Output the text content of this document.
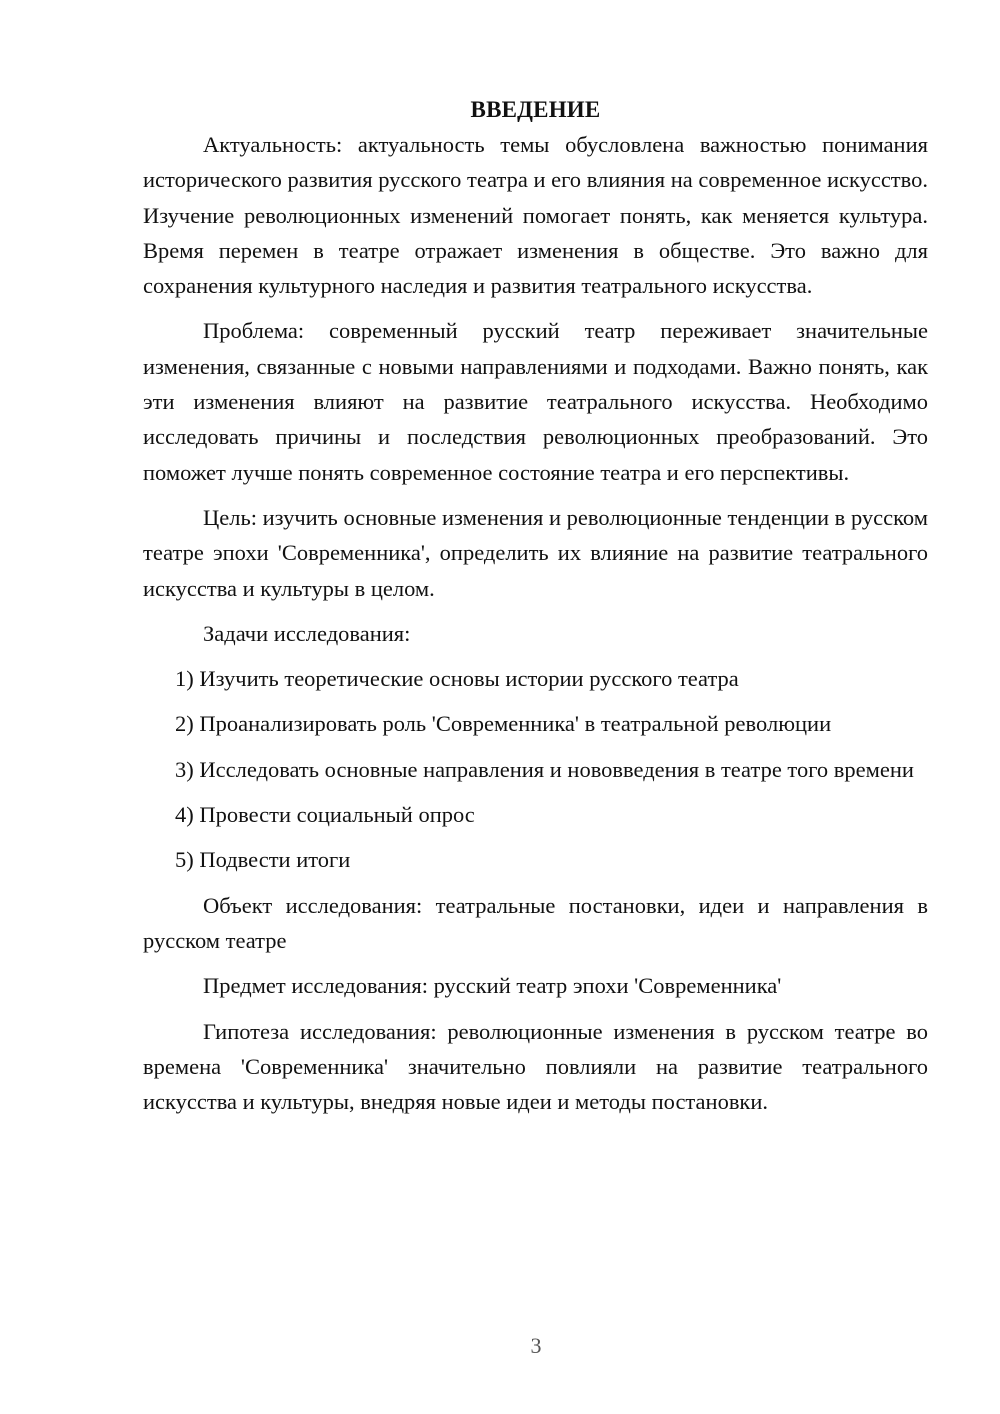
ВВЕДЕНИЕ

Актуальность: актуальность темы обусловлена важностью понимания исторического развития русского театра и его влияния на современное искусство. Изучение революционных изменений помогает понять, как меняется культура. Время перемен в театре отражает изменения в обществе. Это важно для сохранения культурного наследия и развития театрального искусства.

Проблема: современный русский театр переживает значительные изменения, связанные с новыми направлениями и подходами. Важно понять, как эти изменения влияют на развитие театрального искусства. Необходимо исследовать причины и последствия революционных преобразований. Это поможет лучше понять современное состояние театра и его перспективы.

Цель: изучить основные изменения и революционные тенденции в русском театре эпохи 'Современника', определить их влияние на развитие театрального искусства и культуры в целом.

Задачи исследования:

1) Изучить теоретические основы истории русского театра

2) Проанализировать роль 'Современника' в театральной революции

3) Исследовать основные направления и нововведения в театре того времени

4) Провести социальный опрос

5) Подвести итоги

Объект исследования: театральные постановки, идеи и направления в русском театре

Предмет исследования: русский театр эпохи 'Современника'

Гипотеза исследования: революционные изменения в русском театре во времена 'Современника' значительно повлияли на развитие театрального искусства и культуры, внедряя новые идеи и методы постановки.

3
